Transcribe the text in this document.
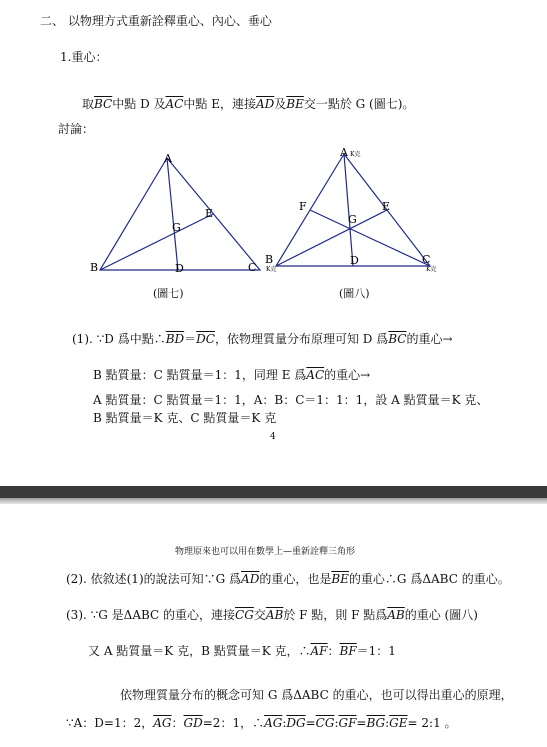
二、 以物理方式重新詮釋重心、內心、垂心
1.重心：
取$\overline{BC}$中點 D 及$\overline{AC}$中點 E，連接$\overline{AD}$及$\overline{BE}$交一點於 G (圖七)。
討論：
A
B	C
D
E
G
(圖七)
A K克
B
K克
C
K克
D
E
F
G
(圖八)
(1). ∵D 爲中點$\therefore\overline{BD}=\overline{DC}$，依物理質量分布原理可知 D 爲$\overline{BC}$的重心→
B 點質量：C 點質量＝1：1，同理 E 爲$\overline{AC}$的重心→
A 點質量：C 點質量＝1：1，A：B：C＝1：1：1，設 A 點質量＝K 克、
B 點質量＝K 克、C 點質量＝K 克
4
物理原來也可以用在數學上—重新詮釋三角形
(2). 依敘述(1)的說法可知∵G 爲$\overline{AD}$的重心，也是$\overline{BE}$的重心∴G 爲ΔABC 的重心。
(3). ∵G 是ΔABC 的重心，連接$\overline{CG}$交$\overline{AB}$於 F 點，則 F 點爲$\overline{AB}$的重心 (圖八)
又 A 點質量＝K 克，B 點質量＝K 克，$\therefore\overline{AF}$：$\overline{BF}=1$：1
依物理質量分布的概念可知 G 爲ΔABC 的重心，也可以得出重心的原理，
∵A：D=1：2，$\overline{AG}$：$\overline{GD}=2$：1，$\therefore\overline{AG}:\overline{DG}=\overline{CG}:\overline{GF}=\overline{BG}:\overline{GE}=$ 2:1 。
